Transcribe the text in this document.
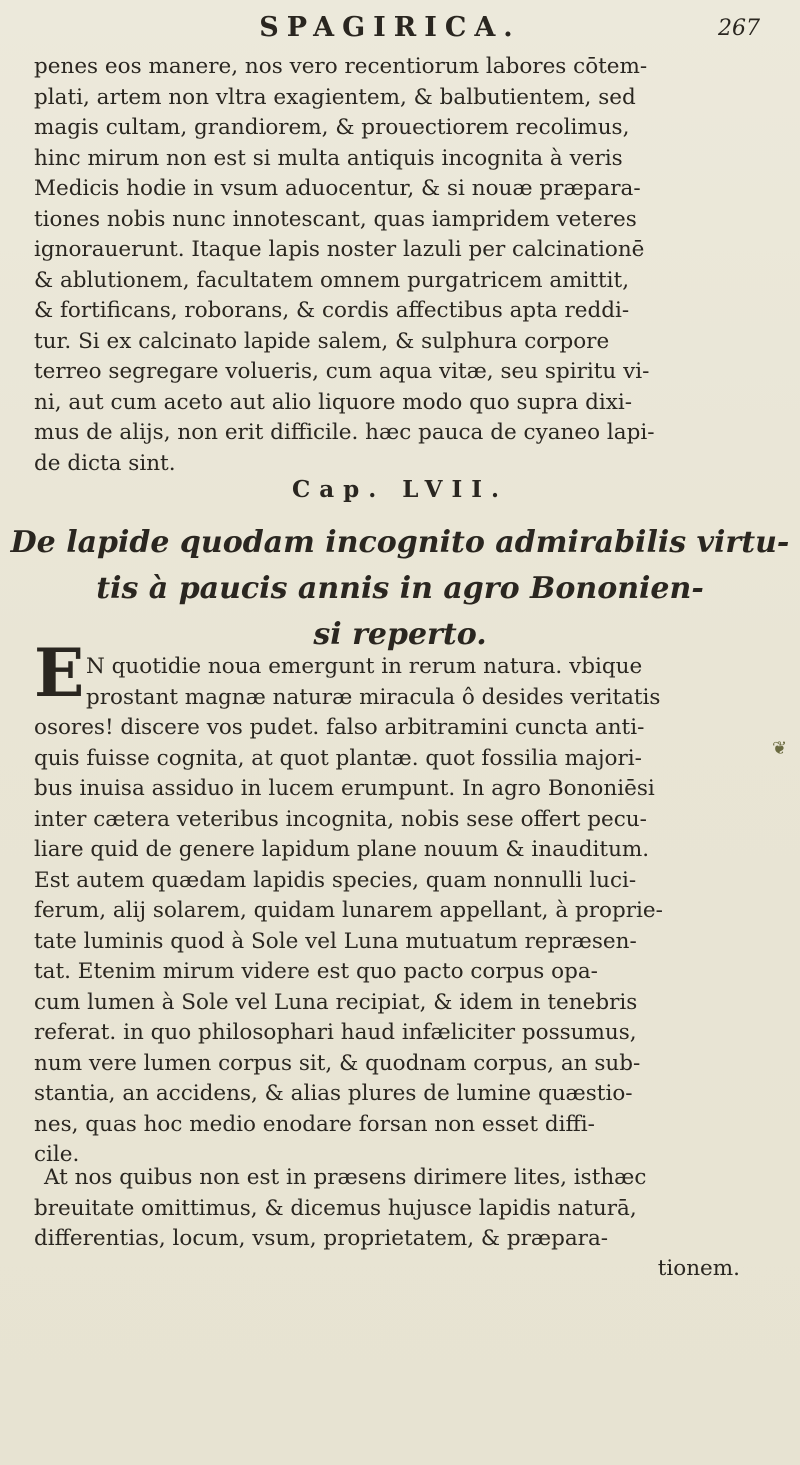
SPAGIRICA.	267

penes eos manere, nos vero recentiorum labores cōtem-
plati, artem non vltra exagientem, & balbutientem, sed
magis cultam, grandiorem, & prouectiorem recolimus,
hinc mirum non est si multa antiquis incognita à veris
Medicis hodie in vsum aduocentur, & si nouæ præpara-
tiones nobis nunc innotescant, quas iampridem veteres
ignorauerunt. Itaque lapis noster lazuli per calcinationē
& ablutionem, facultatem omnem purgatricem amittit,
& fortificans, roborans, & cordis affectibus apta reddi-
tur. Si ex calcinato lapide salem, & sulphura corpore
terreo segregare volueris, cum aqua vitæ, seu spiritu vi-
ni, aut cum aceto aut alio liquore modo quo supra dixi-
mus de alijs, non erit difficile. hæc pauca de cyaneo lapi-
de dicta sint.

Cap. LVII.
De lapide quodam incognito admirabilis virtu-
tis à paucis annis in agro Bononien-
si reperto.
E N quotidie noua emergunt in rerum natura. vbique
prostant magnæ naturæ miracula ô desides veritatis
osores! discere vos pudet. falso arbitramini cuncta anti-
quis fuisse cognita, at quot plantæ. quot fossilia majori-
bus inuisa assiduo in lucem erumpunt. In agro Bononiēsi
inter cætera veteribus incognita, nobis sese offert pecu-
liare quid de genere lapidum plane nouum & inauditum.
Est autem quædam lapidis species, quam nonnulli luci-
ferum, alij solarem, quidam lunarem appellant, à proprie-
tate luminis quod à Sole vel Luna mutuatum repræsen-
tat. Etenim mirum videre est quo pacto corpus opa-
cum lumen à Sole vel Luna recipiat, & idem in tenebris
referat. in quo philosophari haud infæliciter possumus,
num vere lumen corpus sit, & quodnam corpus, an sub-
stantia, an accidens, & alias plures de lumine quæstio-
nes, quas hoc medio enodare forsan non esset diffi-
cile.

❦

At nos quibus non est in præsens dirimere lites, isthæc
breuitate omittimus, & dicemus hujusce lapidis naturā,
differentias, locum, vsum, proprietatem, & præpara-

tionem.
